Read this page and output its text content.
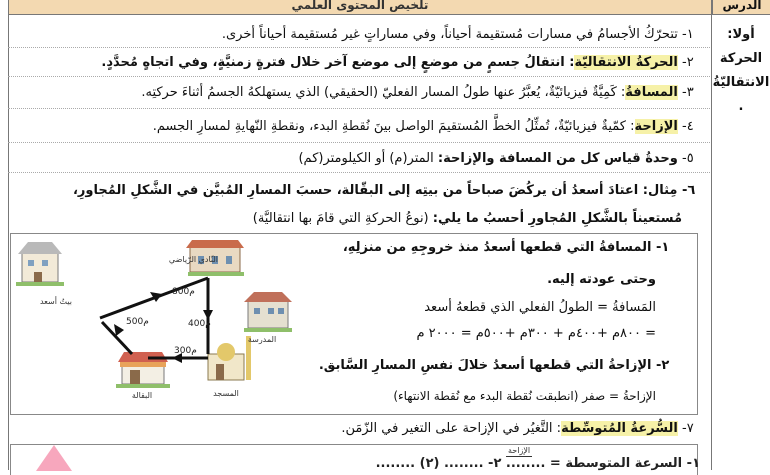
تلخيص المحتوى العلمي	الدرس
أولا:
الحركة
الانتقاليّةُ
.
١- تتحرّكُ الأجسامُ في مسارات مُستقيمة أحياناً، وفي مساراتٍ غير مُستقيمة أحياناً أخرى.
٢- الحركةُ الانتقاليّة: انتقالُ جسمٍ من موضعٍ إلى موضع آخر خلال فترةٍ زمنيَّةٍ، وفي اتجاهٍ مُحدَّدٍ.
٣- المسافةُ: كَمِيَّةٌ فيزيائيّةٌ، يُعبَّرُ عنها طولُ المسار الفعليّ (الحقيقي) الذي يستهلكهُ الجسمُ أثناءَ حركتِه.
٤- الإزاحة: كمّيةٌ فيزيائيّةٌ، تُمثِّلُ الخطَّ المُستقيمَ الواصل بينَ نُقطةِ البدء، ونقطةِ النّهايةِ لمسارِ الجسم.
٥- وحدةُ قياس كل من المسافة والإزاحة: المتر(م) أو الكيلومتر(كم)
٦- مِثال: اعتادَ أسعدُ أن يركُضَ صباحاً من بيتِه إلى البقّالة، حسبَ المسارِ المُبيَّن في الشَّكلِ المُجاورِ،
مُستعيناً بالشَّكلِ المُجاورِ أحسبُ ما يلي: (نوعُ الحركةِ التي قامَ بها انتقاليَّة)
النّادي الرّياضي
بيتُ أسعد
المدرسة
المسجد
البقالة
800م
400م
500م
300م
١- المسافةُ التي قطعها أسعدُ منذ خروجِهِ من منزلِهِ،
وحتى عودته إليه.
المَسافةُ = الطولُ الفعلي الذي قطعهُ أسعد
= ٨٠٠م +٤٠٠م + ٣٠٠م +٥٠٠م = ٢٠٠٠ م
٢- الإزاحةُ التي قطعها أسعدُ خلالَ نفسِ المسارِ السَّابق.
الإزاحةُ = صفر (انطبقت نُقطة البدء مع نُقطة الانتهاء)
٧- السُّرعةُ المُتوسِّطة: التَّغيُر في الإزاحة على التغير في الزّمَن.
الإزاحة
١- السرعة المتوسطة = ........ ٢- ........ (٢) ........
